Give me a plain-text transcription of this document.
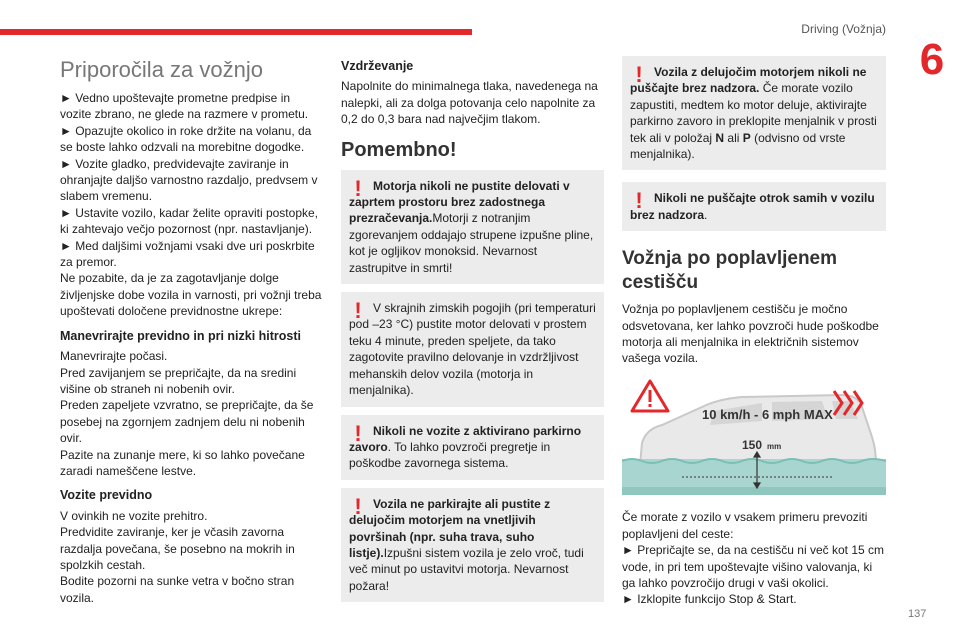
Driving (Vožnja)
6
137
Priporočila za vožnjo

► Vedno upoštevajte prometne predpise in vozite zbrano, ne glede na razmere v prometu.

► Opazujte okolico in roke držite na volanu, da se boste lahko odzvali na morebitne dogodke.

► Vozite gladko, predvidevajte zaviranje in ohranjajte daljšo varnostno razdaljo, predvsem v slabem vremenu.

► Ustavite vozilo, kadar želite opraviti postopke, ki zahtevajo večjo pozornost (npr. nastavljanje).

► Med daljšimi vožnjami vsaki dve uri poskrbite za premor.

Ne pozabite, da je za zagotavljanje dolge življenjske dobe vozila in varnosti, pri vožnji treba upoštevati določene previdnostne ukrepe:

Manevrirajte previdno in pri nizki hitrosti

Manevrirajte počasi.

Pred zavijanjem se prepričajte, da na sredini višine ob straneh ni nobenih ovir.

Preden zapeljete vzvratno, se prepričajte, da še posebej na zgornjem zadnjem delu ni nobenih ovir.

Pazite na zunanje mere, ki so lahko povečane zaradi nameščene lestve.

Vozite previdno

V ovinkih ne vozite prehitro.

Predvidite zaviranje, ker je včasih zavorna razdalja povečana, še posebno na mokrih in spolzkih cestah.

Bodite pozorni na sunke vetra v bočno stran vozila.

Vzdrževanje

Napolnite do minimalnega tlaka, navedenega na nalepki, ali za dolga potovanja celo napolnite za 0,2 do 0,3 bara nad največjim tlakom.

Pomembno!
! Motorja nikoli ne pustite delovati v zaprtem prostoru brez zadostnega prezračevanja.Motorji z notranjim zgorevanjem oddajajo strupene izpušne pline, kot je ogljikov monoksid. Nevarnost zastrupitve in smrti!

! V skrajnih zimskih pogojih (pri temperaturi pod –23 °C) pustite motor delovati v prostem teku 4 minute, preden speljete, da tako zagotovite pravilno delovanje in vzdržljivost mehanskih delov vozila (motorja in menjalnika).

! Nikoli ne vozite z aktivirano parkirno zavoro. To lahko povzroči pregretje in poškodbe zavornega sistema.

! Vozila ne parkirajte ali pustite z delujočim motorjem na vnetljivih površinah (npr. suha trava, suho listje).Izpušni sistem vozila je zelo vroč, tudi več minut po ustavitvi motorja. Nevarnost požara!

! Vozila z delujočim motorjem nikoli ne puščajte brez nadzora. Če morate vozilo zapustiti, medtem ko motor deluje, aktivirajte parkirno zavoro in preklopite menjalnik v prosti tek ali v položaj N ali P (odvisno od vrste menjalnika).

! Nikoli ne puščajte otrok samih v vozilu brez nadzora.

Vožnja po poplavljenem cestišču

Vožnja po poplavljenem cestišču je močno odsvetovana, ker lahko povzroči hude poškodbe motorja ali menjalnika in električnih sistemov vašega vozila.

10 km/h - 6 mph MAX
150 mm

Če morate z vozilo v vsakem primeru prevoziti poplavljeni del ceste:

► Prepričajte se, da na cestišču ni več kot 15 cm vode, in pri tem upoštevajte višino valovanja, ki ga lahko povzročijo drugi v vaši okolici.

► Izklopite funkcijo Stop & Start.
